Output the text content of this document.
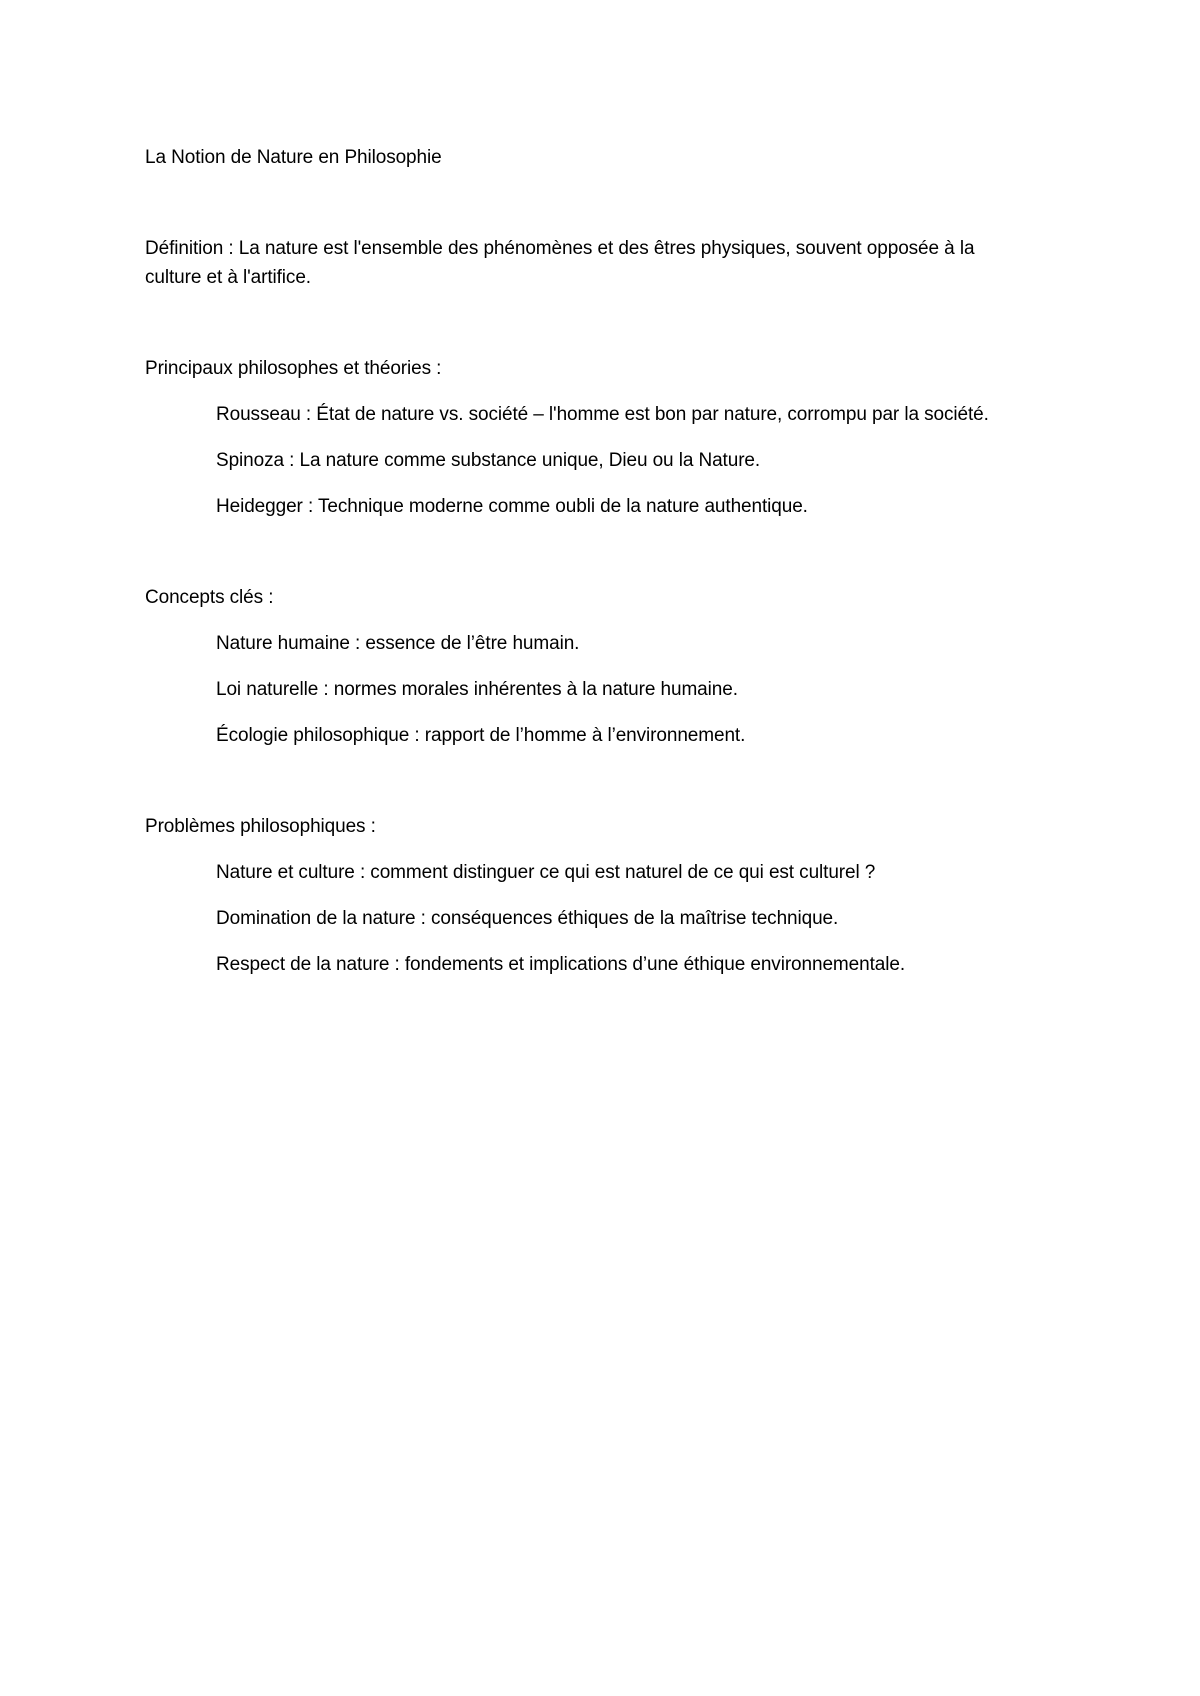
La Notion de Nature en Philosophie
Définition : La nature est l'ensemble des phénomènes et des êtres physiques, souvent opposée à la
culture et à l'artifice.
Principaux philosophes et théories :
Rousseau : État de nature vs. société – l'homme est bon par nature, corrompu par la société.
Spinoza : La nature comme substance unique, Dieu ou la Nature.
Heidegger : Technique moderne comme oubli de la nature authentique.
Concepts clés :
Nature humaine : essence de l’être humain.
Loi naturelle : normes morales inhérentes à la nature humaine.
Écologie philosophique : rapport de l’homme à l’environnement.
Problèmes philosophiques :
Nature et culture : comment distinguer ce qui est naturel de ce qui est culturel ?
Domination de la nature : conséquences éthiques de la maîtrise technique.
Respect de la nature : fondements et implications d’une éthique environnementale.
